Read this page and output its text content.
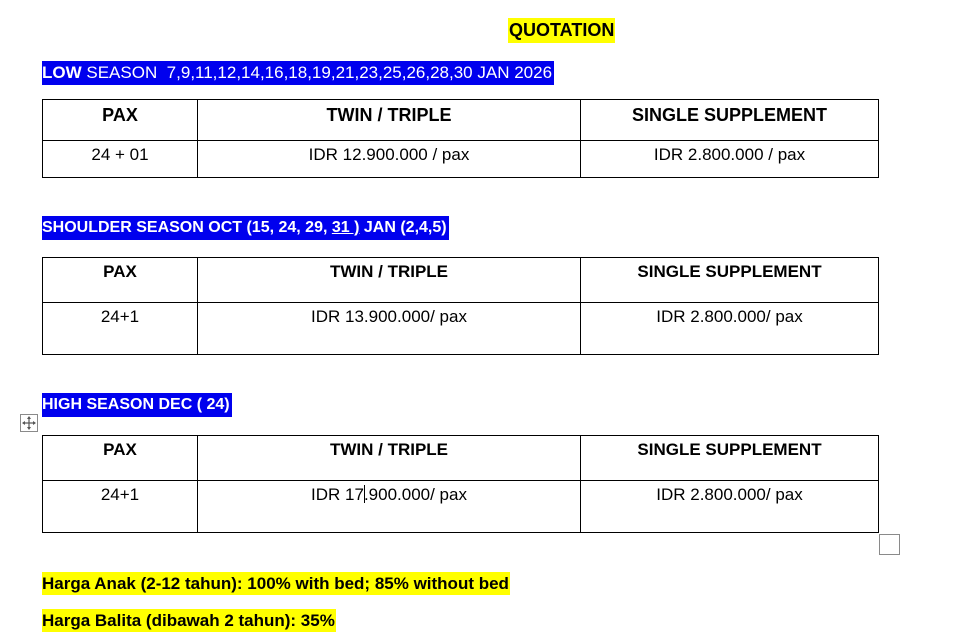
QUOTATION
LOW SEASON  7,9,11,12,14,16,18,19,21,23,25,26,28,30 JAN 2026
PAX	TWIN / TRIPLE	SINGLE SUPPLEMENT
24 + 01	IDR 12.900.000 / pax	IDR 2.800.000 / pax
SHOULDER SEASON OCT (15, 24, 29, 31 ) JAN (2,4,5)
PAX	TWIN / TRIPLE	SINGLE SUPPLEMENT
24+1	IDR 13.900.000/ pax	IDR 2.800.000/ pax
HIGH SEASON DEC ( 24)
PAX	TWIN / TRIPLE	SINGLE SUPPLEMENT
24+1	IDR 17.900.000/ pax	IDR 2.800.000/ pax
Harga Anak (2-12 tahun): 100% with bed; 85% without bed
Harga Balita (dibawah 2 tahun): 35%
